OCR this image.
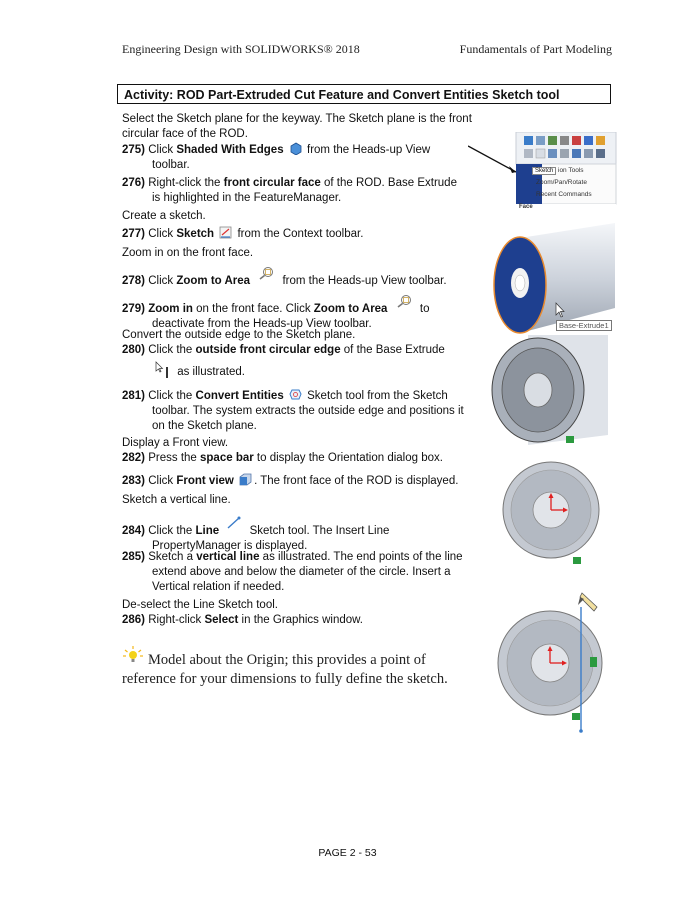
Engineering Design with SOLIDWORKS® 2018	Fundamentals of Part Modeling
Activity: ROD Part-Extruded Cut Feature and Convert Entities Sketch tool
Select the Sketch plane for the keyway. The Sketch plane is the front circular face of the ROD.
275) Click Shaded With Edges  from the Heads-up View
toolbar.
276) Right-click the front circular face of the ROD. Base Extrude
is highlighted in the FeatureManager.
Create a sketch.
277) Click Sketch  from the Context toolbar.
Zoom in on the front face.
278) Click Zoom to Area	from the Heads-up View toolbar.
279) Zoom in on the front face. Click Zoom to Area	to
deactivate from the Heads-up View toolbar.
Convert the outside edge to the Sketch plane.
280) Click the outside front circular edge of the Base Extrude
as illustrated.
281) Click the Convert Entities  Sketch tool from the Sketch
toolbar. The system extracts the outside edge and positions it
on the Sketch plane.
Display a Front view.
282) Press the space bar to display the Orientation dialog box.
283) Click Front view . The front face of the ROD is displayed.
Sketch a vertical line.
284) Click the Line	Sketch tool. The Insert Line
PropertyManager is displayed.
285) Sketch a vertical line as illustrated. The end points of the line
extend above and below the diameter of the circle. Insert a
Vertical relation if needed.
De-select the Line Sketch tool.
286) Right-click Select in the Graphics window.
Model about the Origin; this provides a point of reference for your dimensions to fully define the sketch.
PAGE 2 - 53
Sketch ion Tools
Zoom/Pan/Rotate
Recent Commands
Face
Base-Extrude1
